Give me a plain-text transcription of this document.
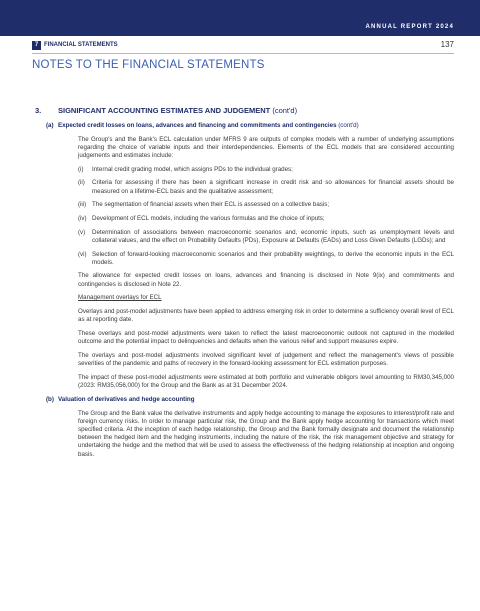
ANNUAL REPORT 2024
7 FINANCIAL STATEMENTS	137
NOTES TO THE FINANCIAL STATEMENTS
3. SIGNIFICANT ACCOUNTING ESTIMATES AND JUDGEMENT (cont'd)
(a) Expected credit losses on loans, advances and financing and commitments and contingencies (cont'd)
The Group's and the Bank's ECL calculation under MFRS 9 are outputs of complex models with a number of underlying assumptions regarding the choice of variable inputs and their interdependencies. Elements of the ECL models that are considered accounting judgements and estimates include:
(i) Internal credit grading model, which assigns PDs to the individual grades;
(ii) Criteria for assessing if there has been a significant increase in credit risk and so allowances for financial assets should be measured on a lifetime-ECL basis and the qualitative assessment;
(iii) The segmentation of financial assets when their ECL is assessed on a collective basis;
(iv) Development of ECL models, including the various formulas and the choice of inputs;
(v) Determination of associations between macroeconomic scenarios and, economic inputs, such as unemployment levels and collateral values, and the effect on Probability Defaults (PDs), Exposure at Defaults (EADs) and Loss Given Defaults (LGDs); and
(vi) Selection of forward-looking macroeconomic scenarios and their probability weightings, to derive the economic inputs in the ECL models.
The allowance for expected credit losses on loans, advances and financing is disclosed in Note 9(ix) and commitments and contingencies is disclosed in Note 22.
Management overlays for ECL
Overlays and post-model adjustments have been applied to address emerging risk in order to determine a sufficiency overall level of ECL as at reporting date.
These overlays and post-model adjustments were taken to reflect the latest macroeconomic outlook not captured in the modelled outcome and the potential impact to delinquencies and defaults when the various relief and support measures expire.
The overlays and post-model adjustments involved significant level of judgement and reflect the management's views of possible severities of the pandemic and paths of recovery in the forward-looking assessment for ECL estimation purposes.
The impact of these post-model adjustments were estimated at both portfolio and vulnerable obligors level amounting to RM30,345,000 (2023: RM35,056,000) for the Group and the Bank as at 31 December 2024.
(b) Valuation of derivatives and hedge accounting
The Group and the Bank value the derivative instruments and apply hedge accounting to manage the exposures to interest/profit rate and foreign currency risks. In order to manage particular risk, the Group and the Bank apply hedge accounting for transactions which meet specified criteria. At the inception of each hedge relationship, the Group and the Bank formally designate and document the relationship between the hedged item and the hedging instruments, including the nature of the risk, the risk management objective and strategy for undertaking the hedge and the method that will be used to assess the effectiveness of the hedging relationship at inception and ongoing basis.
